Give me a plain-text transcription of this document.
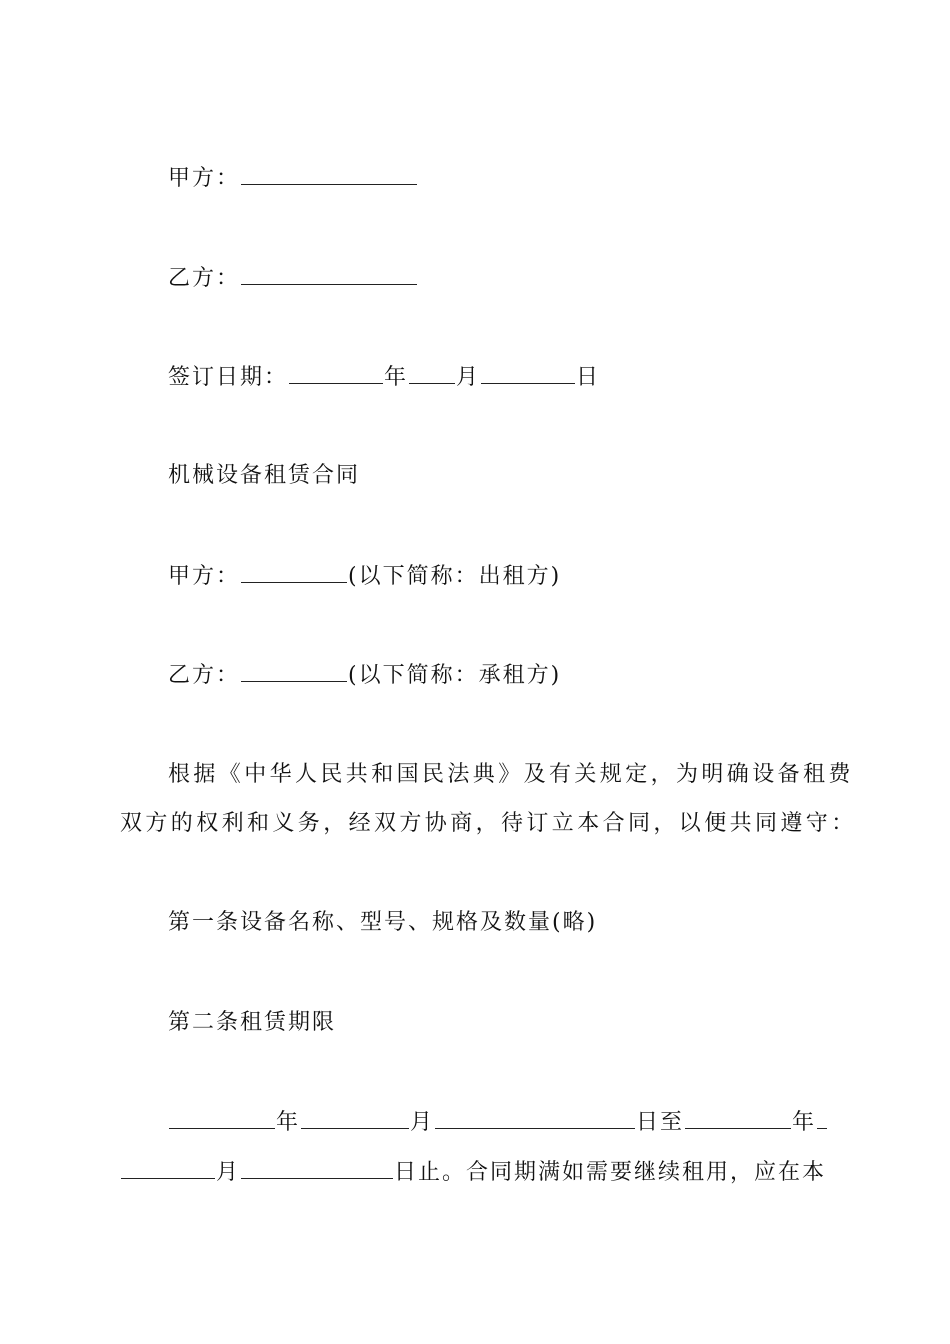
甲方：
乙方：
签订日期：	年 月	日
机械设备租赁合同
甲方：	(以下简称：出租方)
乙方：	(以下简称：承租方)
根据《中华人民共和国民法典》及有关规定，为明确设备租费
双方的权利和义务，经双方协商，待订立本合同，以便共同遵守：
第一条设备名称、型号、规格及数量(略)
第二条租赁期限
年	月	日至	年
月	日止。合同期满如需要继续租用，应在本
